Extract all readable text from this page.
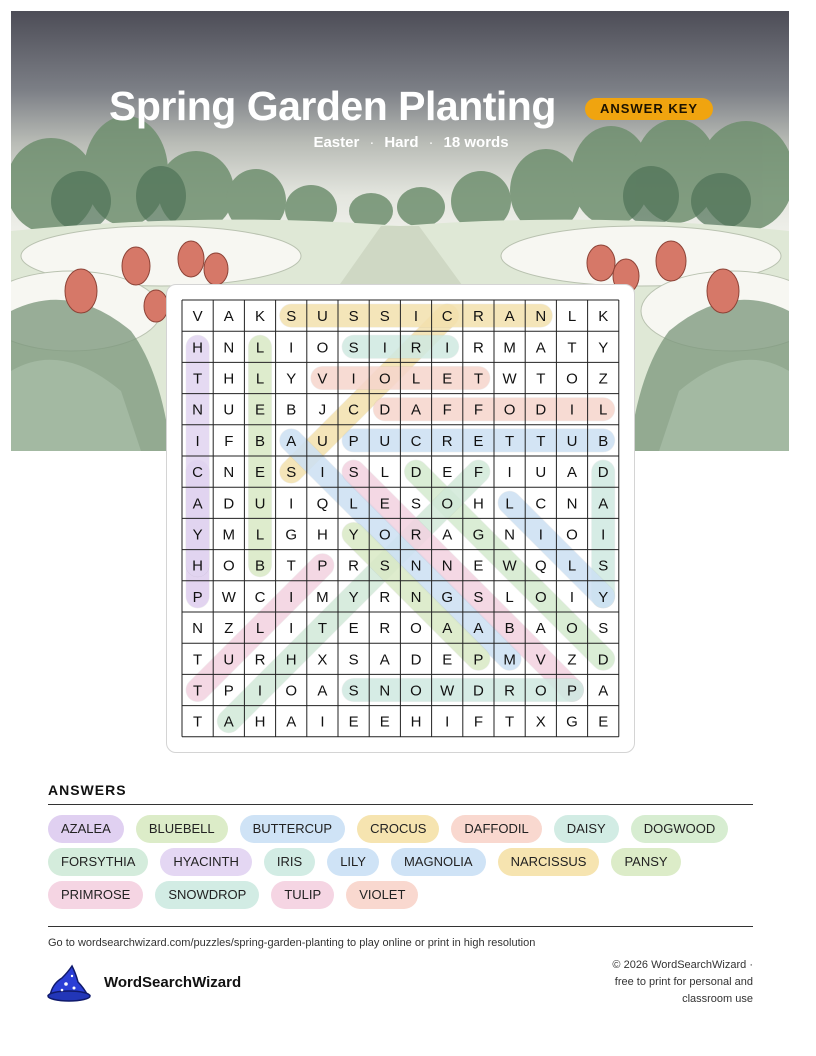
Spring Garden Planting	ANSWER KEY
Easter · Hard · 18 words
V A K S U S S I C R A N L K
H N L I O S I R I R M A T Y
T H L Y V I O L E T W T O Z
N U E B J C D A F F O D I L
I F B A U P U C R E T T U B
C N E S I S L D E F I U A D
A D U I Q L E S O H L C N A
Y M L G H Y O R A G N I O I
H O B T P R S N N E W Q L S
P W C I M Y R N G S L O I Y
N Z L I T E R O A A B A O S
T U R H X S A D E P M V Z D
T P I O A S N O W D R O P A
T A H A I E E H I F T X G E
ANSWERS
AZALEA	BLUEBELL	BUTTERCUP	CROCUS	DAFFODIL	DAISY	DOGWOOD
FORSYTHIA	HYACINTH	IRIS	LILY	MAGNOLIA	NARCISSUS	PANSY
PRIMROSE	SNOWDROP	TULIP	VIOLET
Go to wordsearchwizard.com/puzzles/spring-garden-planting to play online or print in high resolution
WordSearchWizard
© 2026 WordSearchWizard ·
free to print for personal and
classroom use
